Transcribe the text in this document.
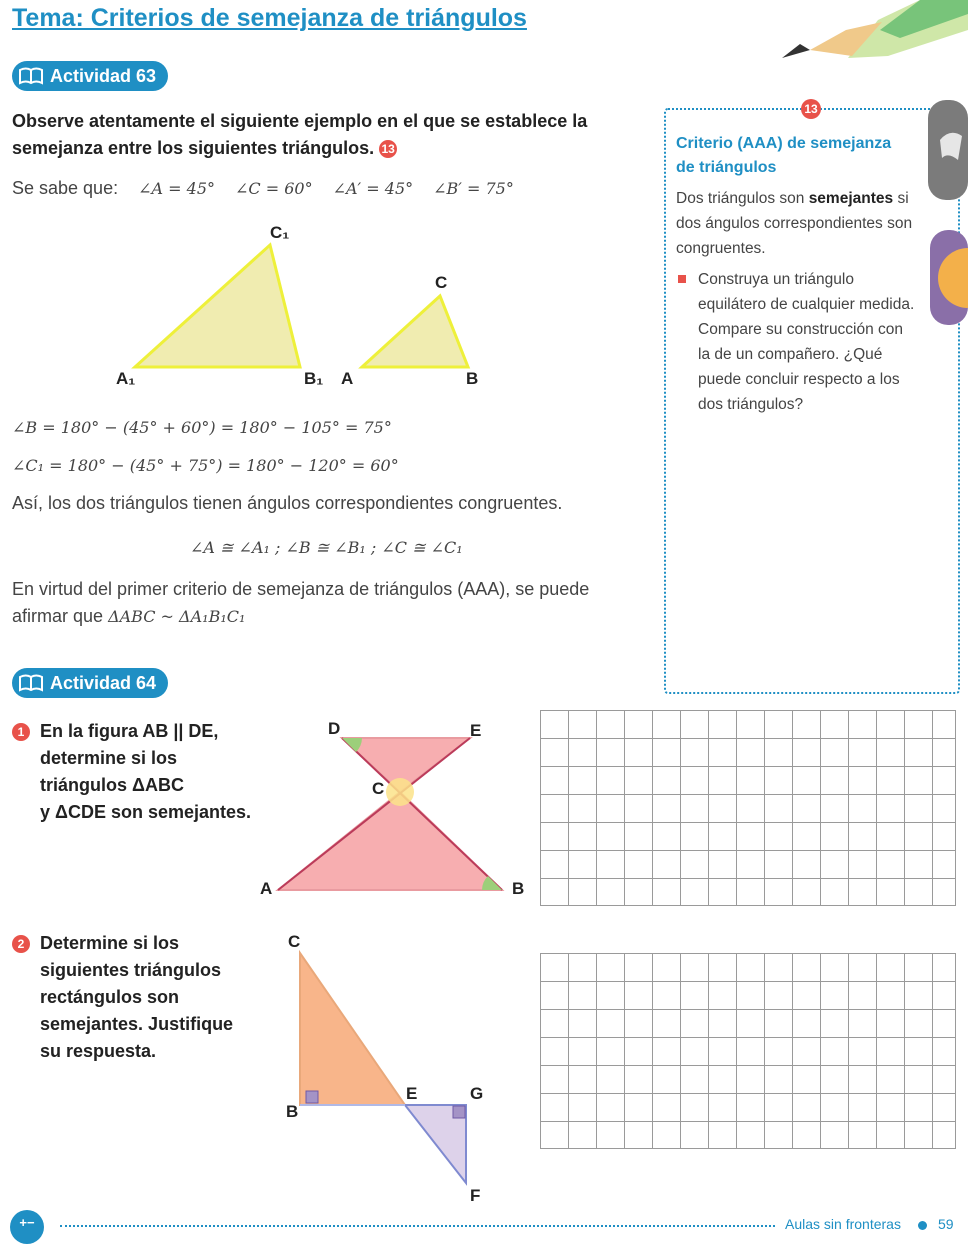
Tema: Criterios de semejanza de triángulos
Actividad 63
Observe atentamente el siguiente ejemplo en el que se establece la semejanza entre los siguientes triángulos. 13
Se sabe que: ∠A = 45° ∠C = 60° ∠A′ = 45° ∠B′ = 75°
C₁
A₁	B₁
C
A	B
∠B = 180° − (45° + 60°) = 180° − 105° = 75°
∠C₁ = 180° − (45° + 75°) = 180° − 120° = 60°
Así, los dos triángulos tienen ángulos correspondientes congruentes.
∠A ≅ ∠A₁ ; ∠B ≅ ∠B₁ ; ∠C ≅ ∠C₁
En virtud del primer criterio de semejanza de triángulos (AAA), se puede
afirmar que ΔABC ~ ΔA₁B₁C₁
13
Criterio (AAA) de semejanza
de triángulos
Dos triángulos son semejantes si
dos ángulos correspondientes son
congruentes.
Construya un triángulo
equilátero de cualquier medida.
Compare su construcción con
la de un compañero. ¿Qué
puede concluir respecto a los
dos triángulos?
Actividad 64
1 En la figura AB || DE,
determine si los
triángulos ΔABC
y ΔCDE son semejantes.
D	E
C
A	B
2 Determine si los
siguientes triángulos
rectángulos son
semejantes. Justifique
su respuesta.
C
B
E	G
F
+−	Aulas sin fronteras	59
